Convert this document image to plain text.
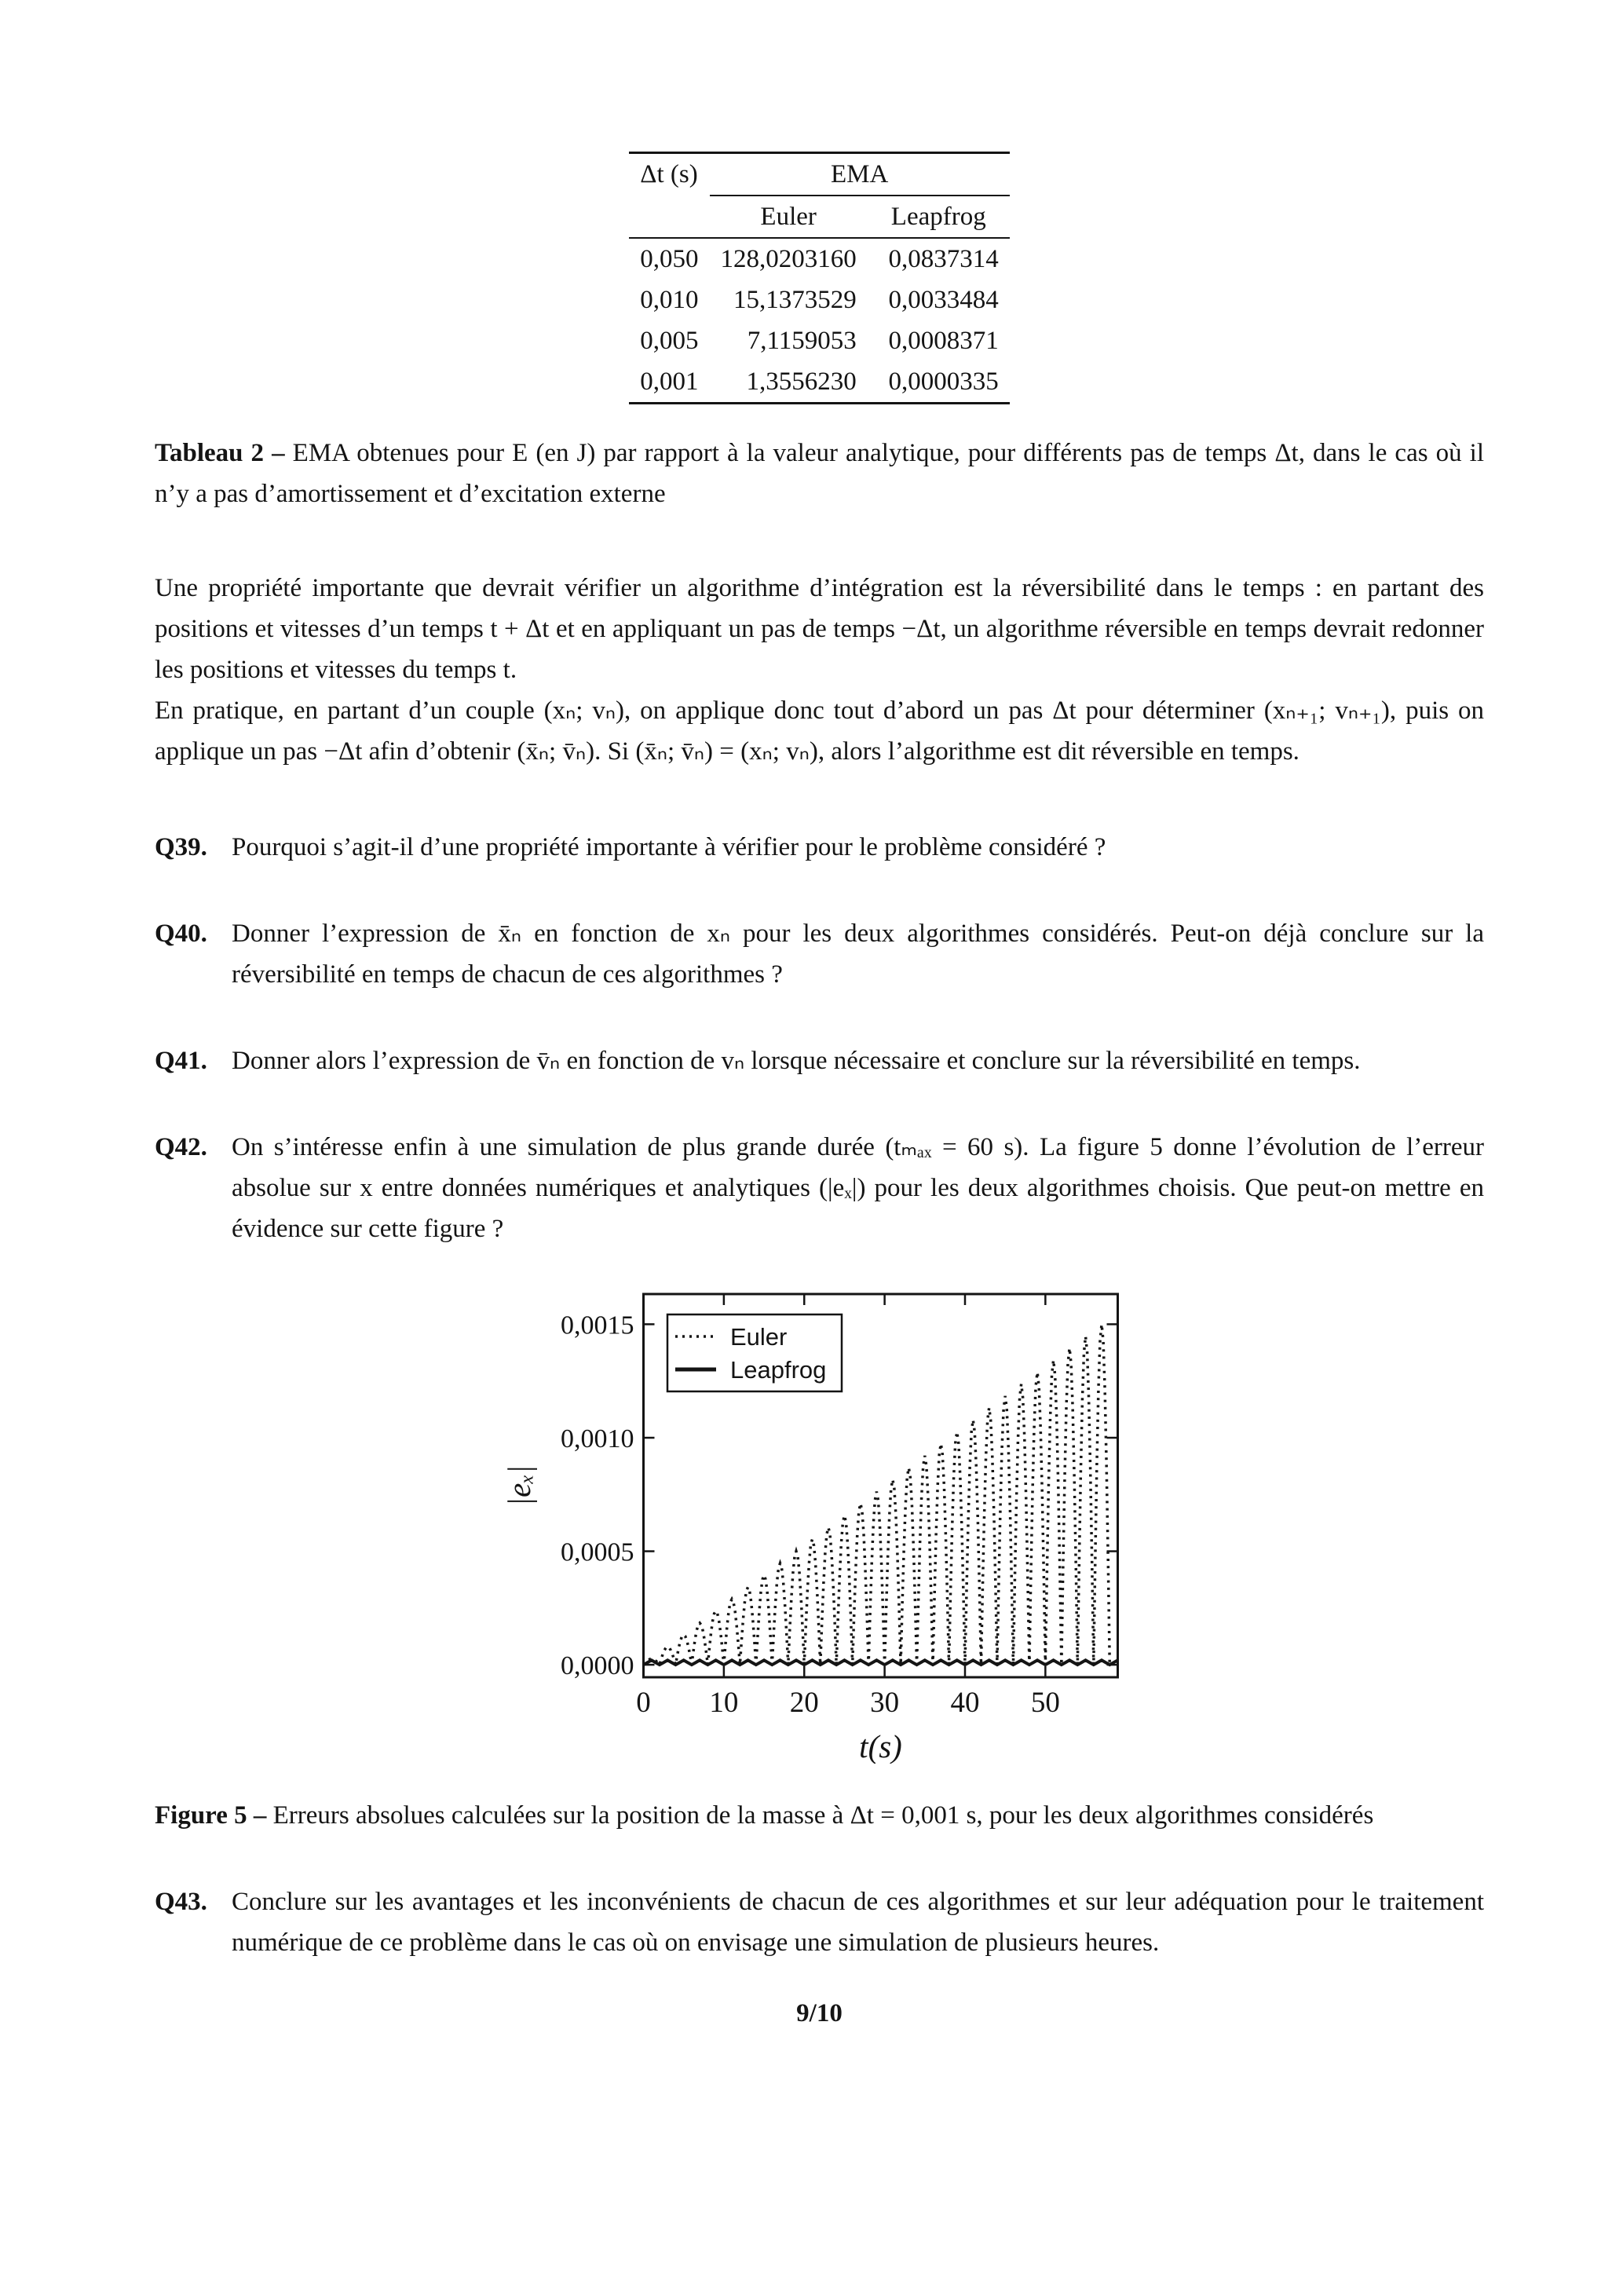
Δt (s)	EMA	
	Euler	Leapfrog
0,050	128,0203160	0,0837314
0,010	15,1373529	0,0033484
0,005	7,1159053	0,0008371
0,001	1,3556230	0,0000335

Tableau 2 – EMA obtenues pour E (en J) par rapport à la valeur analytique, pour différents pas de temps Δt, dans le cas où il n’y a pas d’amortissement et d’excitation externe

Une propriété importante que devrait vérifier un algorithme d’intégration est la réversibilité dans le temps : en partant des positions et vitesses d’un temps t + Δt et en appliquant un pas de temps −Δt, un algorithme réversible en temps devrait redonner les positions et vitesses du temps t.

En pratique, en partant d’un couple (xₙ; vₙ), on applique donc tout d’abord un pas Δt pour déterminer (xₙ₊₁; vₙ₊₁), puis on applique un pas −Δt afin d’obtenir (x̄ₙ; v̄ₙ). Si (x̄ₙ; v̄ₙ) = (xₙ; vₙ), alors l’algorithme est dit réversible en temps.

Q39. Pourquoi s’agit-il d’une propriété importante à vérifier pour le problème considéré ?
Q40. Donner l’expression de x̄ₙ en fonction de xₙ pour les deux algorithmes considérés. Peut-on déjà conclure sur la réversibilité en temps de chacun de ces algorithmes ?
Q41. Donner alors l’expression de v̄ₙ en fonction de vₙ lorsque nécessaire et conclure sur la réversibilité en temps.
Q42. On s’intéresse enfin à une simulation de plus grande durée (tₘₐₓ = 60 s). La figure 5 donne l’évolution de l’erreur absolue sur x entre données numériques et analytiques (|eₓ|) pour les deux algorithmes choisis. Que peut-on mettre en évidence sur cette figure ?
0 10 20 30 40 50
0,0000
0,0005
0,0010
0,0015
t(s)
|eₓ|
Euler
Leapfrog

Figure 5 – Erreurs absolues calculées sur la position de la masse à Δt = 0,001 s, pour les deux algorithmes considérés

Q43. Conclure sur les avantages et les inconvénients de chacun de ces algorithmes et sur leur adéquation pour le traitement numérique de ce problème dans le cas où on envisage une simulation de plusieurs heures.
9/10
